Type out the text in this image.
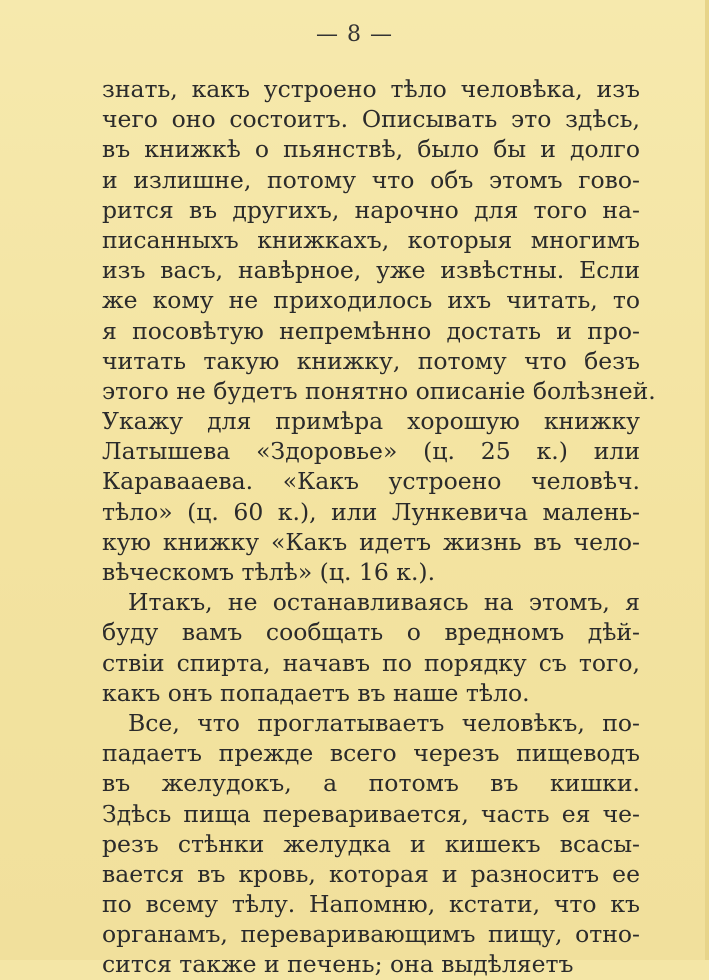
— 8 —
знать, какъ устроено тѣло человѣка, изъ
чего оно состоитъ. Описывать это здѣсь,
въ книжкѣ о пьянствѣ, было бы и долго
и излишне, потому что объ этомъ гово-
рится въ другихъ, нарочно для того на-
писанныхъ книжкахъ, которыя многимъ
изъ васъ, навѣрное, уже извѣстны. Если
же кому не приходилось ихъ читать, то
я посовѣтую непремѣнно достать и про-
читать такую книжку, потому что безъ
этого не будетъ понятно описанiе болѣзней.
Укажу для примѣра хорошую книжку
Латышева «Здоровье» (ц. 25 к.) или
Каравааева. «Какъ устроено человѣч.
тѣло» (ц. 60 к.), или Лункевича малень-
кую книжку «Какъ идетъ жизнь въ чело-
вѣческомъ тѣлѣ» (ц. 16 к.).
Итакъ, не останавливаясь на этомъ, я
буду вамъ сообщать о вредномъ дѣй-
ствiи спирта, начавъ по порядку съ того,
какъ онъ попадаетъ въ наше тѣло.
Все, что проглатываетъ человѣкъ, по-
падаетъ прежде всего черезъ пищеводъ
въ желудокъ, а потомъ въ кишки.
Здѣсь пища переваривается, часть ея че-
резъ стѣнки желудка и кишекъ всасы-
вается въ кровь, которая и разноситъ ее
по всему тѣлу. Напомню, кстати, что къ
органамъ, переваривающимъ пищу, отно-
сится также и печень; она выдѣляетъ
